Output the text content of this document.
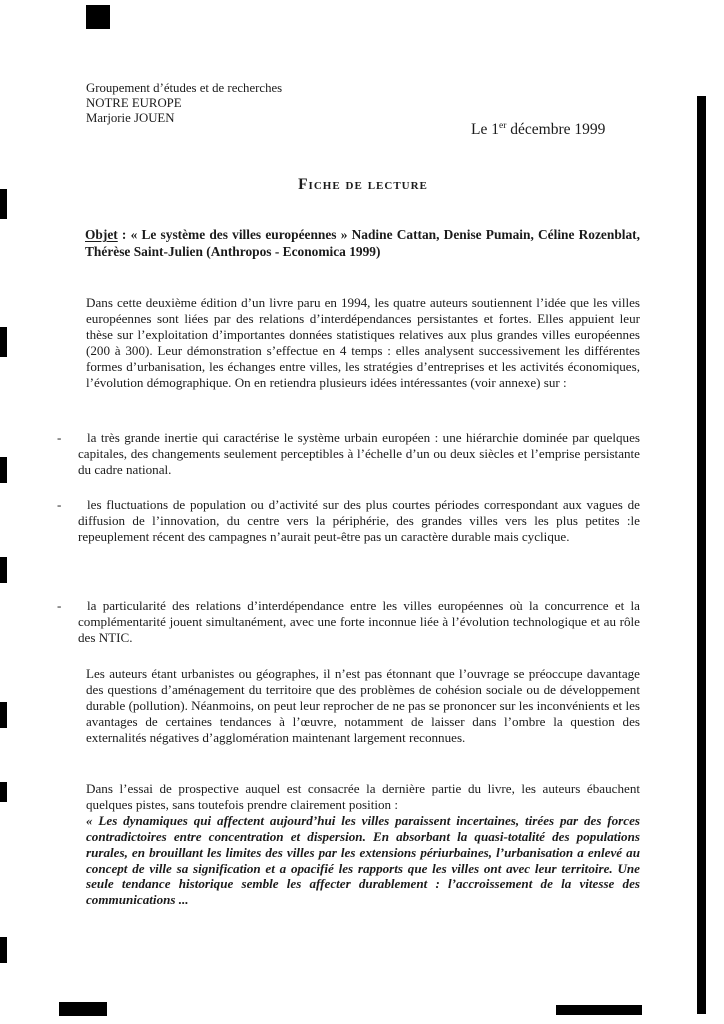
Groupement d’études et de recherches
NOTRE EUROPE
Marjorie JOUEN
Le 1er décembre 1999
Fiche de lecture
Objet : « Le système des villes européennes » Nadine Cattan, Denise Pumain, Céline Rozenblat, Thérèse Saint-Julien (Anthropos - Economica 1999)
Dans cette deuxième édition d’un livre paru en 1994, les quatre auteurs soutiennent l’idée que les villes européennes sont liées par des relations d’interdépendances persistantes et fortes. Elles appuient leur thèse sur l’exploitation d’importantes données statistiques relatives aux plus grandes villes européennes (200 à 300). Leur démonstration s’effectue en 4 temps : elles analysent successivement les différentes formes d’urbanisation, les échanges entre villes, les stratégies d’entreprises et les activités économiques, l’évolution démographique. On en retiendra plusieurs idées intéressantes (voir annexe) sur :
-	la très grande inertie qui caractérise le système urbain européen : une hiérarchie dominée par quelques capitales, des changements seulement perceptibles à l’échelle d’un ou deux siècles et l’emprise persistante du cadre national.
-	les fluctuations de population ou d’activité sur des plus courtes périodes correspondant aux vagues de diffusion de l’innovation, du centre vers la périphérie, des grandes villes vers les plus petites :le repeuplement récent des campagnes n’aurait peut-être pas un caractère durable mais cyclique.
-	la particularité des relations d’interdépendance entre les villes européennes où la concurrence et la complémentarité jouent simultanément, avec une forte inconnue liée à l’évolution technologique et au rôle des NTIC.
Les auteurs étant urbanistes ou géographes, il n’est pas étonnant que l’ouvrage se préoccupe davantage des questions d’aménagement du territoire que des problèmes de cohésion sociale ou de développement durable (pollution). Néanmoins, on peut leur reprocher de ne pas se prononcer sur les inconvénients et les avantages de certaines tendances à l’œuvre, notamment de laisser dans l’ombre la question des externalités négatives d’agglomération maintenant largement reconnues.
Dans l’essai de prospective auquel est consacrée la dernière partie du livre, les auteurs ébauchent quelques pistes, sans toutefois prendre clairement position :
« Les dynamiques qui affectent aujourd’hui les villes paraissent incertaines, tirées par des forces contradictoires entre concentration et dispersion. En absorbant la quasi-totalité des populations rurales, en brouillant les limites des villes par les extensions périurbaines, l’urbanisation a enlevé au concept de ville sa signification et a opacifié les rapports que les villes ont avec leur territoire. Une seule tendance historique semble les affecter durablement : l’accroissement de la vitesse des communications ...
